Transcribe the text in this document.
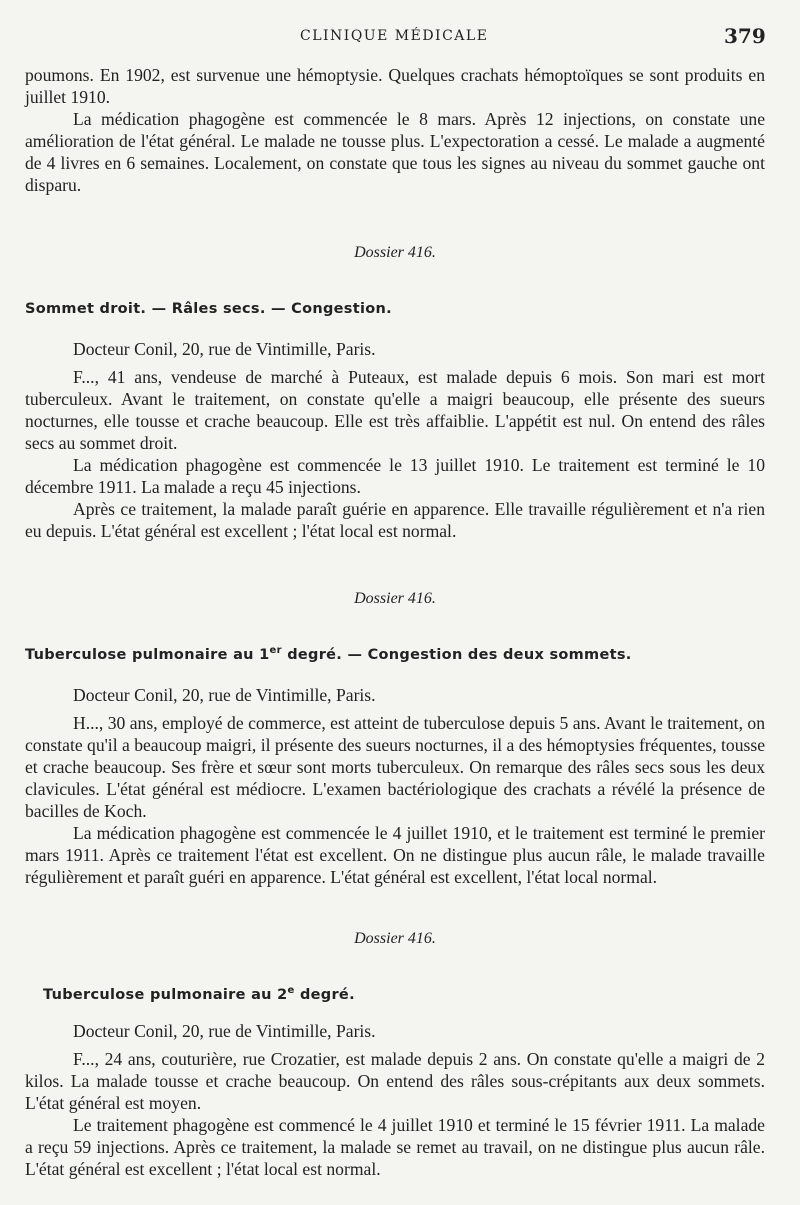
CLINIQUE MÉDICALE	379

poumons. En 1902, est survenue une hémoptysie. Quelques crachats hémoptoïques se sont produits en juillet 1910.

La médication phagogène est commencée le 8 mars. Après 12 injections, on constate une amélioration de l'état général. Le malade ne tousse plus. L'expectoration a cessé. Le malade a augmenté de 4 livres en 6 semaines. Localement, on constate que tous les signes au niveau du sommet gauche ont disparu.

Dossier 416.
Sommet droit. — Râles secs. — Congestion.

Docteur Conil, 20, rue de Vintimille, Paris.

F..., 41 ans, vendeuse de marché à Puteaux, est malade depuis 6 mois. Son mari est mort tuberculeux. Avant le traitement, on constate qu'elle a maigri beaucoup, elle présente des sueurs nocturnes, elle tousse et crache beaucoup. Elle est très affaiblie. L'appétit est nul. On entend des râles secs au sommet droit.

La médication phagogène est commencée le 13 juillet 1910. Le traitement est terminé le 10 décembre 1911. La malade a reçu 45 injections.

Après ce traitement, la malade paraît guérie en apparence. Elle travaille régulièrement et n'a rien eu depuis. L'état général est excellent ; l'état local est normal.

Dossier 416.
Tuberculose pulmonaire au 1er degré. — Congestion des deux sommets.

Docteur Conil, 20, rue de Vintimille, Paris.

H..., 30 ans, employé de commerce, est atteint de tuberculose depuis 5 ans. Avant le traitement, on constate qu'il a beaucoup maigri, il présente des sueurs nocturnes, il a des hémoptysies fréquentes, tousse et crache beaucoup. Ses frère et sœur sont morts tuberculeux. On remarque des râles secs sous les deux clavicules. L'état général est médiocre. L'examen bactériologique des crachats a révélé la présence de bacilles de Koch.

La médication phagogène est commencée le 4 juillet 1910, et le traitement est terminé le premier mars 1911. Après ce traitement l'état est excellent. On ne distingue plus aucun râle, le malade travaille régulièrement et paraît guéri en apparence. L'état général est excellent, l'état local normal.

Dossier 416.
Tuberculose pulmonaire au 2e degré.

Docteur Conil, 20, rue de Vintimille, Paris.

F..., 24 ans, couturière, rue Crozatier, est malade depuis 2 ans. On constate qu'elle a maigri de 2 kilos. La malade tousse et crache beaucoup. On entend des râles sous-crépitants aux deux sommets. L'état général est moyen.

Le traitement phagogène est commencé le 4 juillet 1910 et terminé le 15 février 1911. La malade a reçu 59 injections. Après ce traitement, la malade se remet au travail, on ne distingue plus aucun râle. L'état général est excellent ; l'état local est normal.
